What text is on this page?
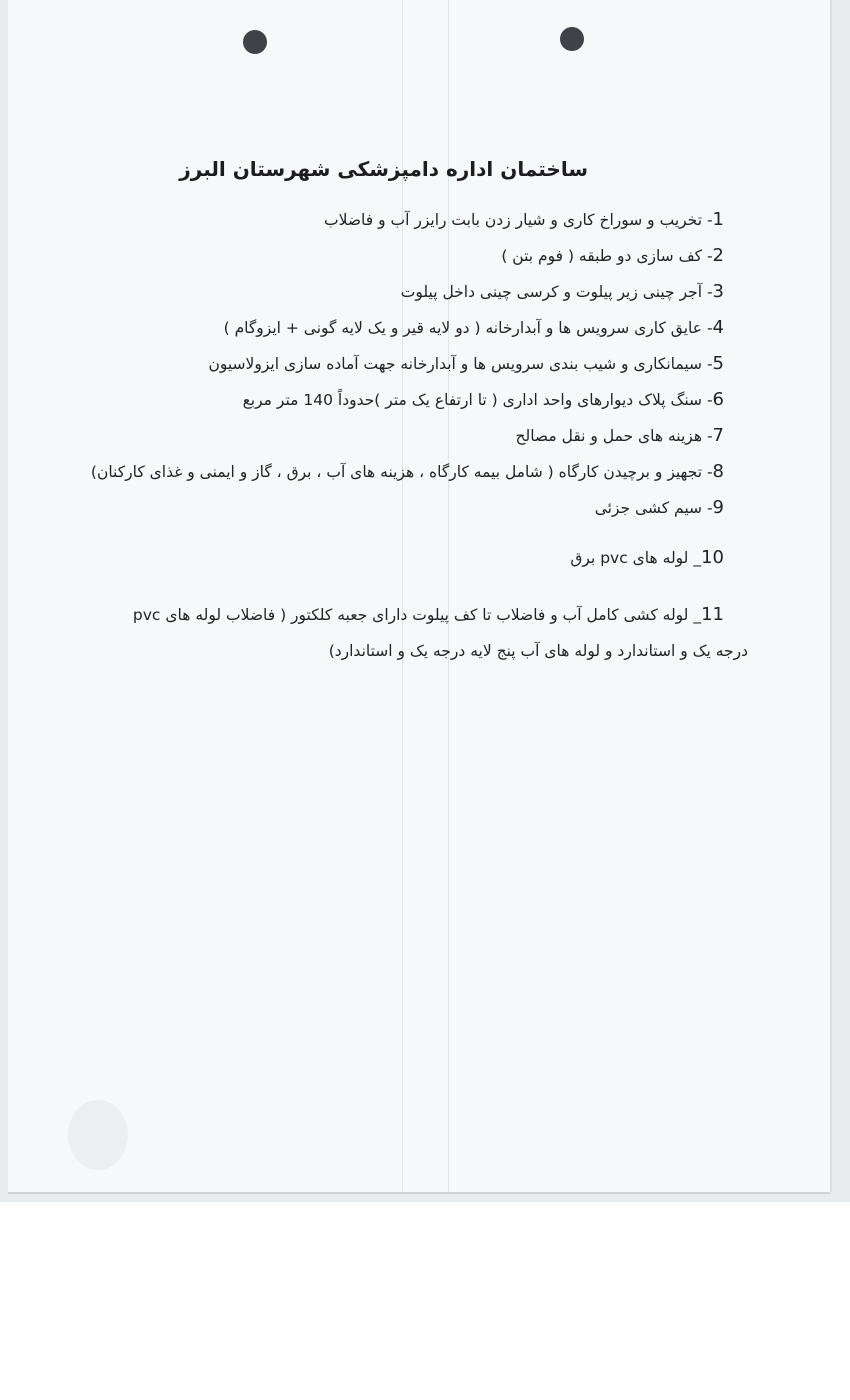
ساختمان اداره دامپزشکی شهرستان البرز
1- تخریب و سوراخ کاری و شیار زدن بابت رایزر آب و فاضلاب
2- کف سازی دو طبقه ( فوم بتن )
3- آجر چینی زیر پیلوت و کرسی چینی داخل پیلوت
4- عایق کاری سرویس ها و آبدارخانه ( دو لایه قیر و یک لایه گونی + ایزوگام )
5- سیمانکاری و شیب بندی سرویس ها و آبدارخانه جهت آماده سازی ایزولاسیون
6- سنگ پلاک دیوارهای واحد اداری ( تا ارتفاع یک متر )حدوداً 140 متر مربع
7- هزینه های حمل و نقل مصالح
8- تجهیز و برچیدن کارگاه ( شامل بیمه کارگاه ، هزینه های آب ، برق ، گاز و ایمنی و غذای کارکنان)
9- سیم کشی جزئی
10_ لوله های pvc برق
11_ لوله کشی کامل آب و فاضلاب تا کف پیلوت دارای جعبه کلکتور ( فاضلاب لوله های pvc
درجه یک و استاندارد و لوله های آب پنج لایه درجه یک و استاندارد)
